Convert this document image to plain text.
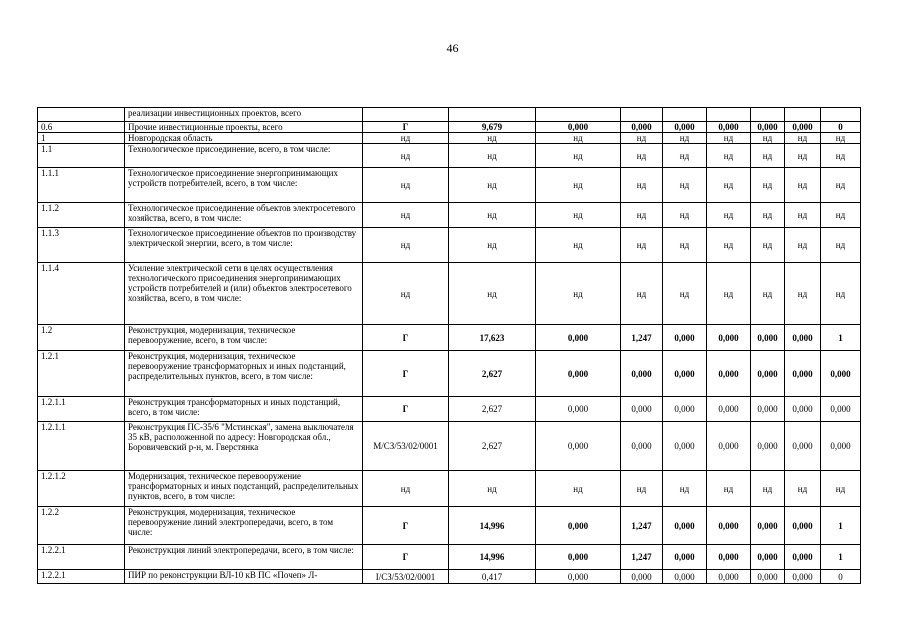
46
	реализации инвестиционных проектов, всего										
0.6	Прочие инвестиционные проекты, всего	Г	9,679	0,000	0,000	0,000	0,000	0,000	0,000	0	
1	Новгородская область	нд	нд	нд	нд	нд	нд	нд	нд	нд	
1.1	Технологическое присоединение, всего, в том числе:	нд	нд	нд	нд	нд	нд	нд	нд	нд	
1.1.1	Технологическое присоединение энергопринимающих устройств потребителей, всего, в том числе:	нд	нд	нд	нд	нд	нд	нд	нд	нд	
1.1.2	Технологическое присоединение объектов электросетевого хозяйства, всего, в том числе:	нд	нд	нд	нд	нд	нд	нд	нд	нд	
1.1.3	Технологическое присоединение объектов по производству электрической энергии, всего, в том числе:	нд	нд	нд	нд	нд	нд	нд	нд	нд	
1.1.4	Усиление электрической сети в целях осуществления технологического присоединения энергопринимающих устройств потребителей и (или) объектов электросетевого хозяйства, всего, в том числе:	нд	нд	нд	нд	нд	нд	нд	нд	нд	
1.2	Реконструкция, модернизация, техническое перевооружение, всего, в том числе:	Г	17,623	0,000	1,247	0,000	0,000	0,000	0,000	1	
1.2.1	Реконструкция, модернизация, техническое перевооружение трансформаторных и иных подстанций, распределительных пунктов, всего, в том числе:	Г	2,627	0,000	0,000	0,000	0,000	0,000	0,000	0,000	
1.2.1.1	Реконструкция трансформаторных и иных подстанций, всего, в том числе:	Г	2,627	0,000	0,000	0,000	0,000	0,000	0,000	0,000	
1.2.1.1	Реконструкция ПС-35/6 "Мстинская", замена выключателя 35 кВ, расположенной по адресу: Новгородская обл., Боровичевский р-н, м. Гверстянка	М/СЗ/53/02/0001	2,627	0,000	0,000	0,000	0,000	0,000	0,000	0,000	
1.2.1.2	Модернизация, техническое перевооружение трансформаторных и иных подстанций, распределительных пунктов, всего, в том числе:	нд	нд	нд	нд	нд	нд	нд	нд	нд	
1.2.2	Реконструкция, модернизация, техническое перевооружение линий электропередачи, всего, в том числе:	Г	14,996	0,000	1,247	0,000	0,000	0,000	0,000	1	
1.2.2.1	Реконструкция линий электропередачи, всего, в том числе:	Г	14,996	0,000	1,247	0,000	0,000	0,000	0,000	1	
1.2.2.1	ПИР по реконструкции ВЛ-10 кВ ПС «Почеп» Л-	I/СЗ/53/02/0001	0,417	0,000	0,000	0,000	0,000	0,000	0,000	0	
